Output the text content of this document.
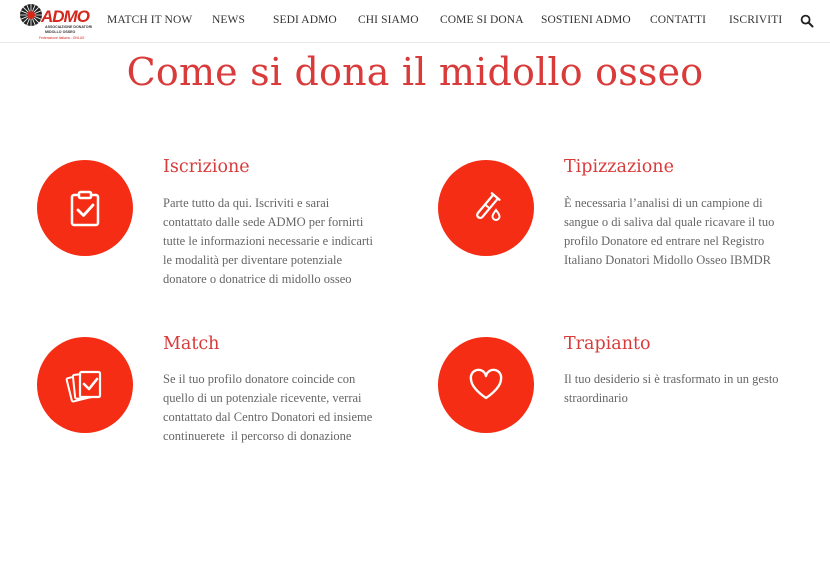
ADMO
ASSOCIAZIONE DONATORI
MIDOLLO OSSEO
Federazione Italiana - ONLUS
MATCH IT NOW NEWS SEDI ADMO CHI SIAMO COME SI DONA SOSTIENI ADMO CONTATTI ISCRIVITI
Come si dona il midollo osseo
Iscrizione
Parte tutto da qui. Iscriviti e sarai
contattato dalle sede ADMO per fornirti
tutte le informazioni necessarie e indicarti
le modalità per diventare potenziale
donatore o donatrice di midollo osseo
Tipizzazione
È necessaria l’analisi di un campione di
sangue o di saliva dal quale ricavare il tuo
profilo Donatore ed entrare nel Registro
Italiano Donatori Midollo Osseo IBMDR
Match
Se il tuo profilo donatore coincide con
quello di un potenziale ricevente, verrai
contattato dal Centro Donatori ed insieme
continuerete  il percorso di donazione
Trapianto
Il tuo desiderio si è trasformato in un gesto
straordinario
